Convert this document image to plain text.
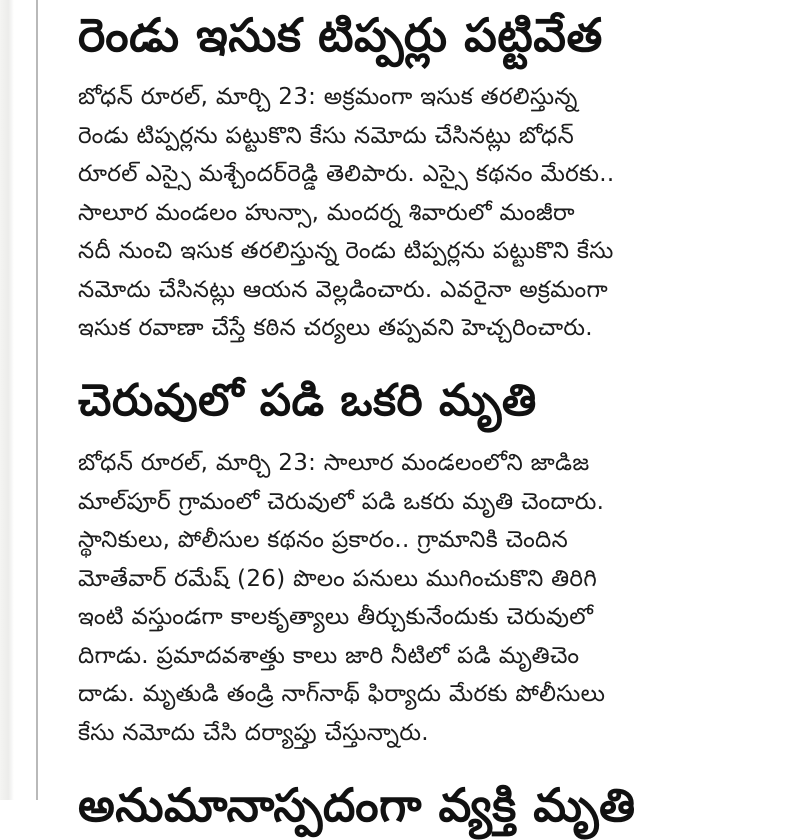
రెండు ఇసుక టిప్పర్లు పట్టివేత
బోధన్ రూరల్, మార్చి 23: అక్రమంగా ఇసుక తరలిస్తున్న
రెండు టిప్పర్లను పట్టుకొని కేసు నమోదు చేసినట్లు బోధన్
రూరల్ ఎస్సై మశ్చేందర్‌రెడ్డి తెలిపారు. ఎస్సై కథనం మేరకు..
సాలూర మండలం హున్సా, మందర్న శివారులో మంజీరా
నదీ నుంచి ఇసుక తరలిస్తున్న రెండు టిప్పర్లను పట్టుకొని కేసు
నమోదు చేసినట్లు ఆయన వెల్లడించారు. ఎవరైనా అక్రమంగా
ఇసుక రవాణా చేస్తే కఠిన చర్యలు తప్పవని హెచ్చరించారు.
చెరువులో పడి ఒకరి మృతి
బోధన్ రూరల్, మార్చి 23: సాలూర మండలంలోని జాడిజ
మాల్‌పూర్ గ్రామంలో చెరువులో పడి ఒకరు మృతి చెందారు.
స్థానికులు, పోలీసుల కథనం ప్రకారం.. గ్రామానికి చెందిన
మోతేవార్ రమేష్ (26) పొలం పనులు ముగించుకొని తిరిగి
ఇంటి వస్తుండగా కాలకృత్యాలు తీర్చుకునేందుకు చెరువులో
దిగాడు. ప్రమాదవశాత్తు కాలు జారి నీటిలో పడి మృతిచెం
దాడు. మృతుడి తండ్రి నాగ్‌నాథ్ ఫిర్యాదు మేరకు పోలీసులు
కేసు నమోదు చేసి దర్యాప్తు చేస్తున్నారు.
అనుమానాస్పదంగా వ్యక్తి మృతి
